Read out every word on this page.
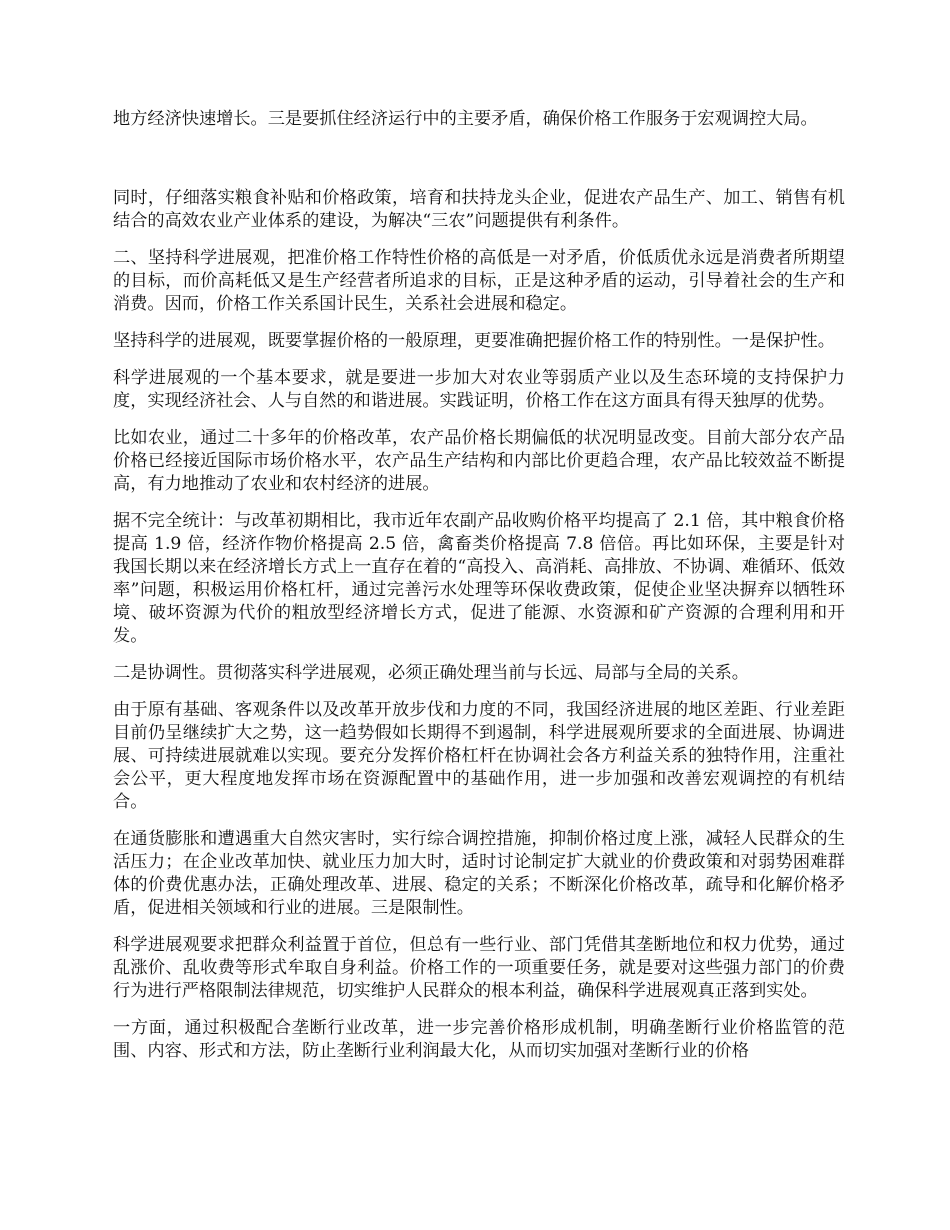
地方经济快速增长。三是要抓住经济运行中的主要矛盾，确保价格工作服务于宏观调控大局。

同时，仔细落实粮食补贴和价格政策，培育和扶持龙头企业，促进农产品生产、加工、销售有机结合的高效农业产业体系的建设，为解决“三农”问题提供有利条件。

二、坚持科学进展观，把准价格工作特性价格的高低是一对矛盾，价低质优永远是消费者所期望的目标，而价高耗低又是生产经营者所追求的目标，正是这种矛盾的运动，引导着社会的生产和消费。因而，价格工作关系国计民生，关系社会进展和稳定。

坚持科学的进展观，既要掌握价格的一般原理，更要准确把握价格工作的特别性。一是保护性。

科学进展观的一个基本要求，就是要进一步加大对农业等弱质产业以及生态环境的支持保护力度，实现经济社会、人与自然的和谐进展。实践证明，价格工作在这方面具有得天独厚的优势。

比如农业，通过二十多年的价格改革，农产品价格长期偏低的状况明显改变。目前大部分农产品价格已经接近国际市场价格水平，农产品生产结构和内部比价更趋合理，农产品比较效益不断提高，有力地推动了农业和农村经济的进展。

据不完全统计：与改革初期相比，我市近年农副产品收购价格平均提高了 2.1 倍，其中粮食价格提高 1.9 倍，经济作物价格提高 2.5 倍，禽畜类价格提高 7.8 倍倍。再比如环保，主要是针对我国长期以来在经济增长方式上一直存在着的“高投入、高消耗、高排放、不协调、难循环、低效率”问题，积极运用价格杠杆，通过完善污水处理等环保收费政策，促使企业坚决摒弃以牺牲环境、破坏资源为代价的粗放型经济增长方式，促进了能源、水资源和矿产资源的合理利用和开发。

二是协调性。贯彻落实科学进展观，必须正确处理当前与长远、局部与全局的关系。

由于原有基础、客观条件以及改革开放步伐和力度的不同，我国经济进展的地区差距、行业差距目前仍呈继续扩大之势，这一趋势假如长期得不到遏制，科学进展观所要求的全面进展、协调进展、可持续进展就难以实现。要充分发挥价格杠杆在协调社会各方利益关系的独特作用，注重社会公平，更大程度地发挥市场在资源配置中的基础作用，进一步加强和改善宏观调控的有机结合。

在通货膨胀和遭遇重大自然灾害时，实行综合调控措施，抑制价格过度上涨，减轻人民群众的生活压力；在企业改革加快、就业压力加大时，适时讨论制定扩大就业的价费政策和对弱势困难群体的价费优惠办法，正确处理改革、进展、稳定的关系；不断深化价格改革，疏导和化解价格矛盾，促进相关领域和行业的进展。三是限制性。

科学进展观要求把群众利益置于首位，但总有一些行业、部门凭借其垄断地位和权力优势，通过乱涨价、乱收费等形式牟取自身利益。价格工作的一项重要任务，就是要对这些强力部门的价费行为进行严格限制法律规范，切实维护人民群众的根本利益，确保科学进展观真正落到实处。

一方面，通过积极配合垄断行业改革，进一步完善价格形成机制，明确垄断行业价格监管的范围、内容、形式和方法，防止垄断行业利润最大化，从而切实加强对垄断行业的价格
